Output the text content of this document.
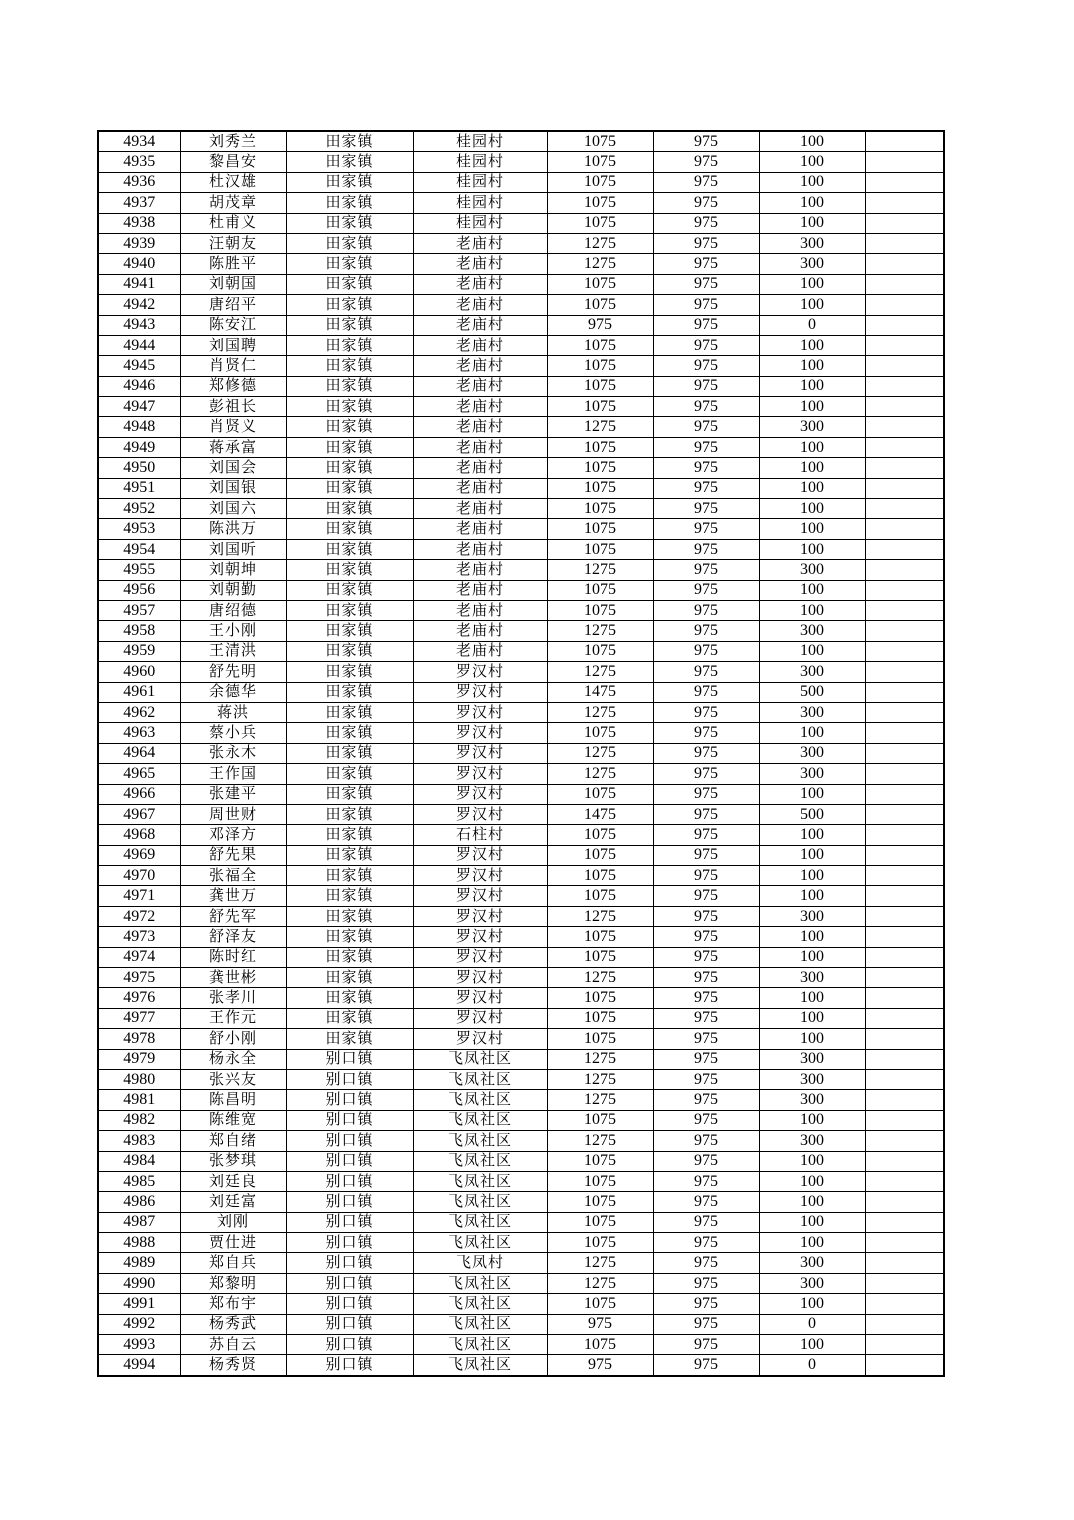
4934	刘秀兰	田家镇	桂园村	1075	975	100	
4935	黎昌安	田家镇	桂园村	1075	975	100	
4936	杜汉雄	田家镇	桂园村	1075	975	100	
4937	胡茂章	田家镇	桂园村	1075	975	100	
4938	杜甫义	田家镇	桂园村	1075	975	100	
4939	汪朝友	田家镇	老庙村	1275	975	300	
4940	陈胜平	田家镇	老庙村	1275	975	300	
4941	刘朝国	田家镇	老庙村	1075	975	100	
4942	唐绍平	田家镇	老庙村	1075	975	100	
4943	陈安江	田家镇	老庙村	975	975	0	
4944	刘国聘	田家镇	老庙村	1075	975	100	
4945	肖贤仁	田家镇	老庙村	1075	975	100	
4946	郑修德	田家镇	老庙村	1075	975	100	
4947	彭祖长	田家镇	老庙村	1075	975	100	
4948	肖贤义	田家镇	老庙村	1275	975	300	
4949	蒋承富	田家镇	老庙村	1075	975	100	
4950	刘国会	田家镇	老庙村	1075	975	100	
4951	刘国银	田家镇	老庙村	1075	975	100	
4952	刘国六	田家镇	老庙村	1075	975	100	
4953	陈洪万	田家镇	老庙村	1075	975	100	
4954	刘国听	田家镇	老庙村	1075	975	100	
4955	刘朝坤	田家镇	老庙村	1275	975	300	
4956	刘朝勤	田家镇	老庙村	1075	975	100	
4957	唐绍德	田家镇	老庙村	1075	975	100	
4958	王小刚	田家镇	老庙村	1275	975	300	
4959	王清洪	田家镇	老庙村	1075	975	100	
4960	舒先明	田家镇	罗汉村	1275	975	300	
4961	余德华	田家镇	罗汉村	1475	975	500	
4962	蒋洪	田家镇	罗汉村	1275	975	300	
4963	蔡小兵	田家镇	罗汉村	1075	975	100	
4964	张永木	田家镇	罗汉村	1275	975	300	
4965	王作国	田家镇	罗汉村	1275	975	300	
4966	张建平	田家镇	罗汉村	1075	975	100	
4967	周世财	田家镇	罗汉村	1475	975	500	
4968	邓泽方	田家镇	石柱村	1075	975	100	
4969	舒先果	田家镇	罗汉村	1075	975	100	
4970	张福全	田家镇	罗汉村	1075	975	100	
4971	龚世万	田家镇	罗汉村	1075	975	100	
4972	舒先军	田家镇	罗汉村	1275	975	300	
4973	舒泽友	田家镇	罗汉村	1075	975	100	
4974	陈时红	田家镇	罗汉村	1075	975	100	
4975	龚世彬	田家镇	罗汉村	1275	975	300	
4976	张孝川	田家镇	罗汉村	1075	975	100	
4977	王作元	田家镇	罗汉村	1075	975	100	
4978	舒小刚	田家镇	罗汉村	1075	975	100	
4979	杨永全	别口镇	飞凤社区	1275	975	300	
4980	张兴友	别口镇	飞凤社区	1275	975	300	
4981	陈昌明	别口镇	飞凤社区	1275	975	300	
4982	陈维宽	别口镇	飞凤社区	1075	975	100	
4983	郑自绪	别口镇	飞凤社区	1275	975	300	
4984	张梦琪	别口镇	飞凤社区	1075	975	100	
4985	刘廷良	别口镇	飞凤社区	1075	975	100	
4986	刘廷富	别口镇	飞凤社区	1075	975	100	
4987	刘刚	别口镇	飞凤社区	1075	975	100	
4988	贾仕进	别口镇	飞凤社区	1075	975	100	
4989	郑自兵	别口镇	飞凤村	1275	975	300	
4990	郑黎明	别口镇	飞凤社区	1275	975	300	
4991	郑布宇	别口镇	飞凤社区	1075	975	100	
4992	杨秀武	别口镇	飞凤社区	975	975	0	
4993	苏自云	别口镇	飞凤社区	1075	975	100	
4994	杨秀贤	别口镇	飞凤社区	975	975	0	
